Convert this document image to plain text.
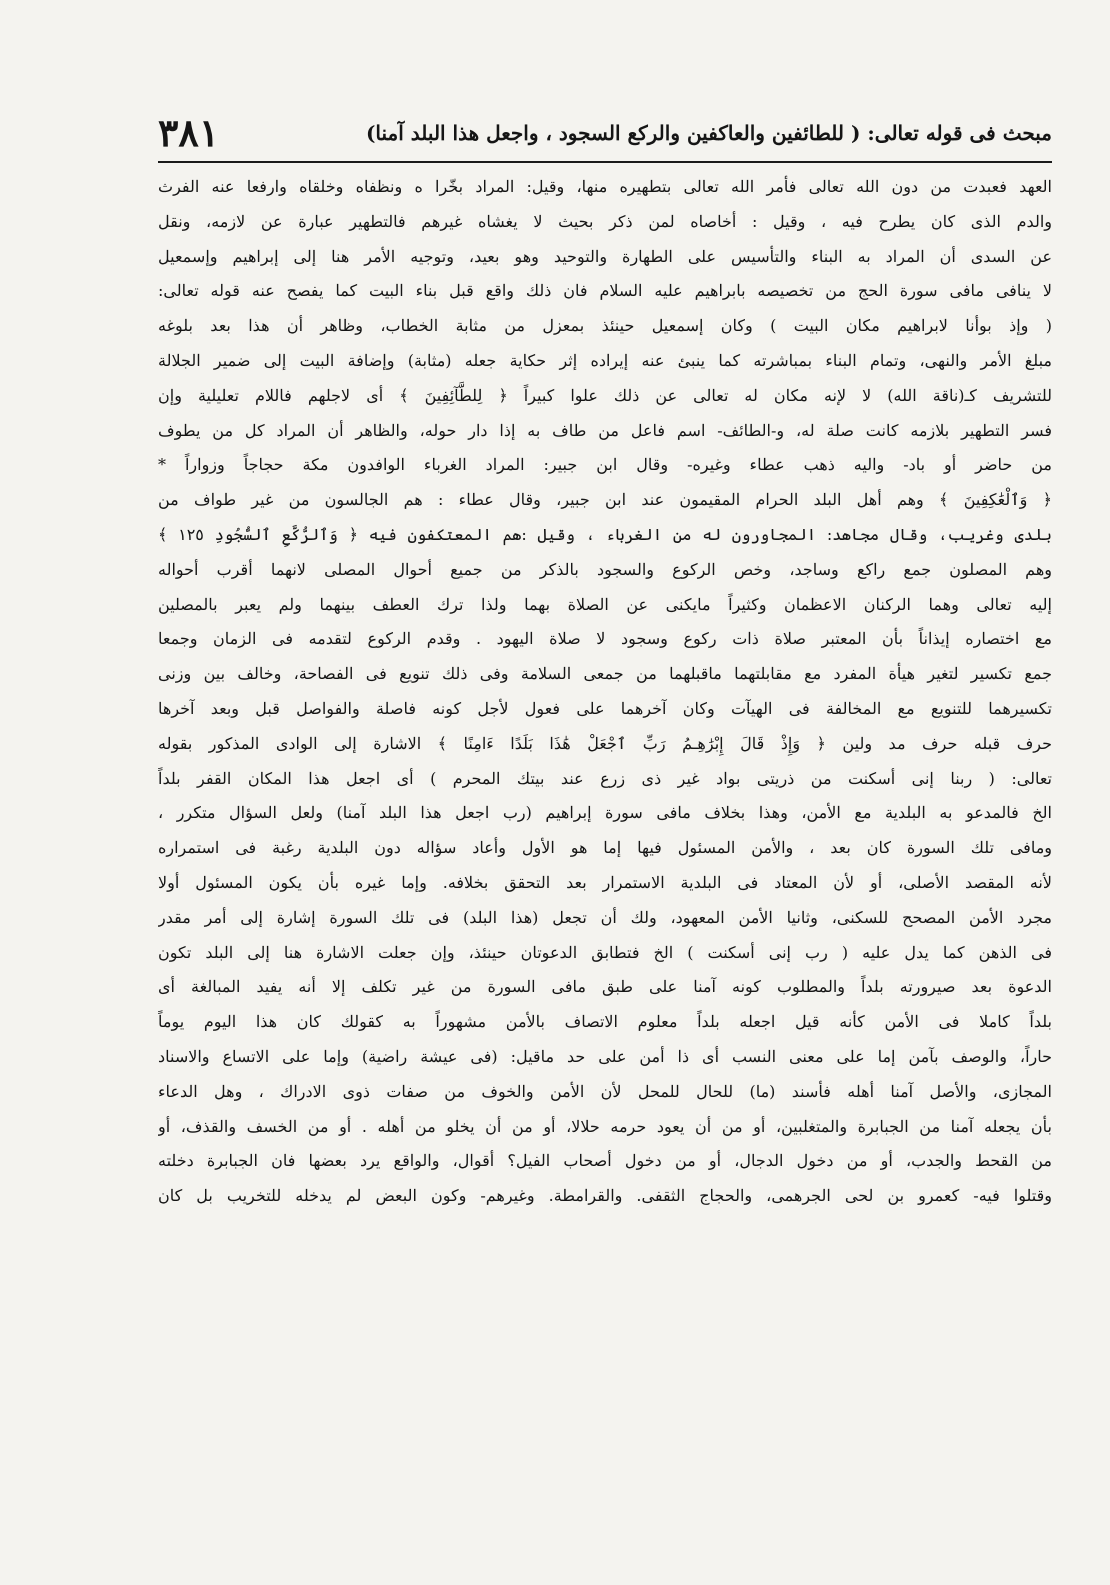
مبحث فى قوله تعالى: ( للطائفين والعاكفين والركع السجود ، واجعل هذا البلد آمنا)
٣٨١
العهد فعبدت من دون الله تعالى فأمر الله تعالى بتطهيره منها، وقيل: المراد بخّرا ه ونظفاه وخلقاه وارفعا عنه الفرث
والدم الذى كان يطرح فيه ، وقيل : أخاصاه لمن ذكر بحيث لا يغشاه غيرهم فالتطهير عبارة عن لازمه، ونقل
عن السدى أن المراد به البناء والتأسيس على الطهارة والتوحيد وهو بعيد، وتوجيه الأمر هنا إلى إبراهيم وإسمعيل
لا ينافى مافى سورة الحج من تخصيصه بابراهيم عليه السلام فان ذلك واقع قبل بناء البيت كما يفصح عنه قوله تعالى:
( وإذ بوأنا لابراهيم مكان البيت ) وكان إسمعيل حينئذ بمعزل من مثابة الخطاب، وظاهر أن هذا بعد بلوغه
مبلغ الأمر والنهى، وتمام البناء بمباشرته كما ينبئ عنه إيراده إثر حكاية جعله (مثابة) وإضافة البيت إلى ضمير الجلالة
للتشريف كـ(ناقة الله) لا لإنه مكان له تعالى عن ذلك علوا كبيراً ﴿ لِلطَّآئِفِينَ ﴾ أى لاجلهم فاللام تعليلية وإن
فسر التطهير بلازمه كانت صلة له، و-الطائف- اسم فاعل من طاف به إذا دار حوله، والظاهر أن المراد كل من يطوف
من حاضر أو باد- واليه ذهب عطاء وغيره- وقال ابن جبير: المراد الغرباء الوافدون مكة حجاجاً وزواراً *
﴿ وَٱلْعَٰكِفِينَ ﴾ وهم أهل البلد الحرام المقيمون عند ابن جبير، وقال عطاء : هم الجالسون من غير طواف من
بلدى وغريب، وقال مجاهد: المجاورون له من الغرباء ، وقيل :هم المعتكفون فيه ﴿ وَٱلرُّكَّعِ ٱلسُّجُودِ ١٢٥ ﴾
وهم المصلون جمع راكع وساجد، وخص الركوع والسجود بالذكر من جميع أحوال المصلى لانهما أقرب أحواله
إليه تعالى وهما الركنان الاعظمان وكثيراً مايكنى عن الصلاة بهما ولذا ترك العطف بينهما ولم يعبر بالمصلين
مع اختصاره إيذاناً بأن المعتبر صلاة ذات ركوع وسجود لا صلاة اليهود . وقدم الركوع لتقدمه فى الزمان وجمعا
جمع تكسير لتغير هيأة المفرد مع مقابلتهما ماقبلهما من جمعى السلامة وفى ذلك تنويع فى الفصاحة، وخالف بين وزنى
تكسيرهما للتنويع مع المخالفة فى الهيآت وكان آخرهما على فعول لأجل كونه فاصلة والفواصل قبل وبعد آخرها
حرف قبله حرف مد ولين ﴿ وَإِذْ قَالَ إِبْرَٰهِـمُ رَبِّ ٱجْعَلْ هَٰذَا بَلَدًا ءَامِنًا ﴾ الاشارة إلى الوادى المذكور بقوله
تعالى: ( ربنا إنى أسكنت من ذريتى بواد غير ذى زرع عند بيتك المحرم ) أى اجعل هذا المكان القفر بلداً
الخ فالمدعو به البلدية مع الأمن، وهذا بخلاف مافى سورة إبراهيم (رب اجعل هذا البلد آمنا) ولعل السؤال متكرر ،
ومافى تلك السورة كان بعد ، والأمن المسئول فيها إما هو الأول وأعاد سؤاله دون البلدية رغبة فى استمراره
لأنه المقصد الأصلى، أو لأن المعتاد فى البلدية الاستمرار بعد التحقق بخلافه. وإما غيره بأن يكون المسئول أولا
مجرد الأمن المصحح للسكنى، وثانيا الأمن المعهود، ولك أن تجعل (هذا البلد) فى تلك السورة إشارة إلى أمر مقدر
فى الذهن كما يدل عليه ( رب إنى أسكنت ) الخ فتطابق الدعوتان حينئذ، وإن جعلت الاشارة هنا إلى البلد تكون
الدعوة بعد صيرورته بلداً والمطلوب كونه آمنا على طبق مافى السورة من غير تكلف إلا أنه يفيد المبالغة أى
بلداً كاملا فى الأمن كأنه قيل اجعله بلداً معلوم الاتصاف بالأمن مشهوراً به كقولك كان هذا اليوم يوماً
حاراً، والوصف بآمن إما على معنى النسب أى ذا أمن على حد ماقيل: (فى عيشة راضية) وإما على الاتساع والاسناد
المجازى، والأصل آمنا أهله فأسند (ما) للحال للمحل لأن الأمن والخوف من صفات ذوى الادراك ، وهل الدعاء
بأن يجعله آمنا من الجبابرة والمتغلبين، أو من أن يعود حرمه حلالا، أو من أن يخلو من أهله . أو من الخسف والقذف، أو
من القحط والجدب، أو من دخول الدجال، أو من دخول أصحاب الفيل؟ أقوال، والواقع يرد بعضها فان الجبابرة دخلته
وقتلوا فيه- كعمرو بن لحى الجرهمى، والحجاج الثقفى. والقرامطة. وغيرهم- وكون البعض لم يدخله للتخريب بل كان
